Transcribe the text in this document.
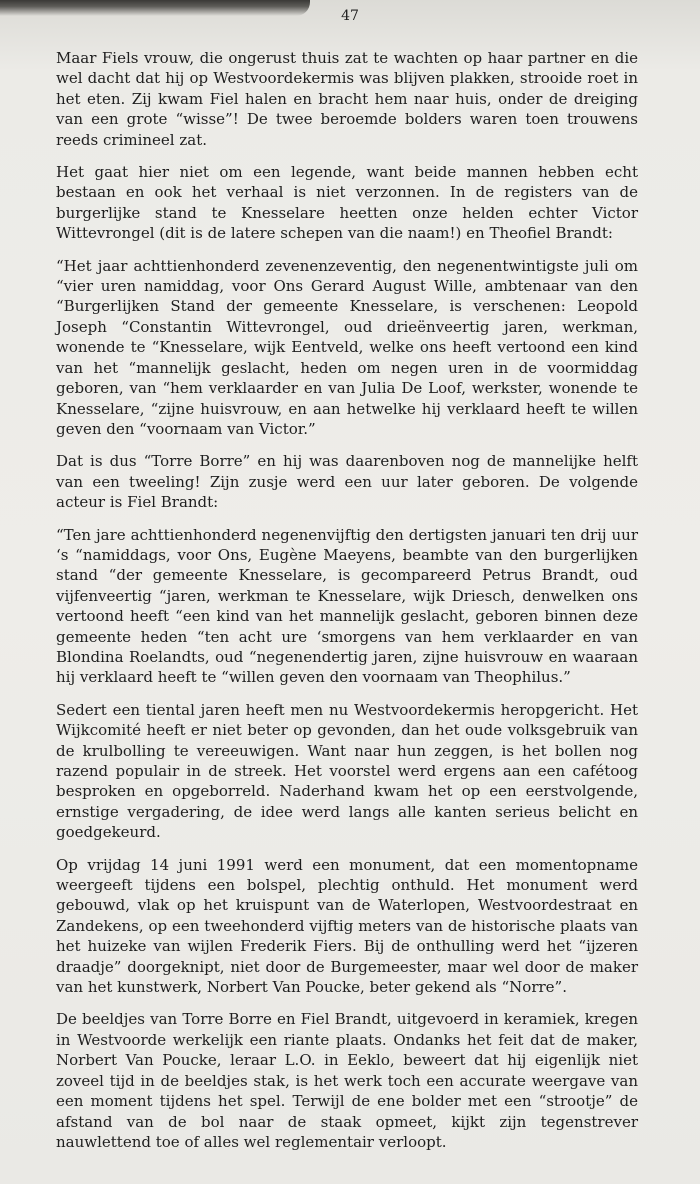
47

Maar Fiels vrouw, die ongerust thuis zat te wachten op haar partner en die wel dacht dat hij op Westvoordekermis was blijven plakken, strooide roet in het eten. Zij kwam Fiel halen en bracht hem naar huis, onder de dreiging van een grote “wisse”! De twee beroemde bolders waren toen trouwens reeds crimineel zat.

Het gaat hier niet om een legende, want beide mannen hebben echt bestaan en ook het verhaal is niet verzonnen. In de registers van de burgerlijke stand te Knesselare heetten onze helden echter Victor Wittevrongel (dit is de latere schepen van die naam!) en Theofiel Brandt:

“Het jaar achttienhonderd zevenenzeventig, den negenentwintigste juli om “vier uren namiddag, voor Ons Gerard August Wille, ambtenaar van den “Burgerlijken Stand der gemeente Knesselare, is verschenen: Leopold Joseph “Constantin Wittevrongel, oud drieënveertig jaren, werkman, wonende te “Knesselare, wijk Eentveld, welke ons heeft vertoond een kind van het “mannelijk geslacht, heden om negen uren in de voormiddag geboren, van “hem verklaarder en van Julia De Loof, werkster, wonende te Knesselare, “zijne huisvrouw, en aan hetwelke hij verklaard heeft te willen geven den “voornaam van Victor.”

Dat is dus “Torre Borre” en hij was daarenboven nog de mannelijke helft van een tweeling! Zijn zusje werd een uur later geboren. De volgende acteur is Fiel Brandt:

“Ten jare achttienhonderd negenenvijftig den dertigsten januari ten drij uur ‘s “namiddags, voor Ons, Eugène Maeyens, beambte van den burgerlijken stand “der gemeente Knesselare, is gecompareerd Petrus Brandt, oud vijfenveertig “jaren, werkman te Knesselare, wijk Driesch, denwelken ons vertoond heeft “een kind van het mannelijk geslacht, geboren binnen deze gemeente heden “ten acht ure ‘smorgens van hem verklaarder en van Blondina Roelandts, oud “negenendertig jaren, zijne huisvrouw en waaraan hij verklaard heeft te “willen geven den voornaam van Theophilus.”

Sedert een tiental jaren heeft men nu Westvoordekermis heropgericht. Het Wijkcomité heeft er niet beter op gevonden, dan het oude volksgebruik van de krulbolling te vereeuwigen. Want naar hun zeggen, is het bollen nog razend populair in de streek. Het voorstel werd ergens aan een cafétoog besproken en opgeborreld. Naderhand kwam het op een eerstvolgende, ernstige vergadering, de idee werd langs alle kanten serieus belicht en goedgekeurd.

Op vrijdag 14 juni 1991 werd een monument, dat een momentopname weergeeft tijdens een bolspel, plechtig onthuld. Het monument werd gebouwd, vlak op het kruispunt van de Waterlopen, Westvoordestraat en Zandekens, op een tweehonderd vijftig meters van de historische plaats van het huizeke van wijlen Frederik Fiers. Bij de onthulling werd het “ijzeren draadje” doorgeknipt, niet door de Burgemeester, maar wel door de maker van het kunstwerk, Norbert Van Poucke, beter gekend als “Norre”.

De beeldjes van Torre Borre en Fiel Brandt, uitgevoerd in keramiek, kregen in Westvoorde werkelijk een riante plaats. Ondanks het feit dat de maker, Norbert Van Poucke, leraar L.O. in Eeklo, beweert dat hij eigenlijk niet zoveel tijd in de beeldjes stak, is het werk toch een accurate weergave van een moment tijdens het spel. Terwijl de ene bolder met een “strootje” de afstand van de bol naar de staak opmeet, kijkt zijn tegenstrever nauwlettend toe of alles wel reglementair verloopt.
